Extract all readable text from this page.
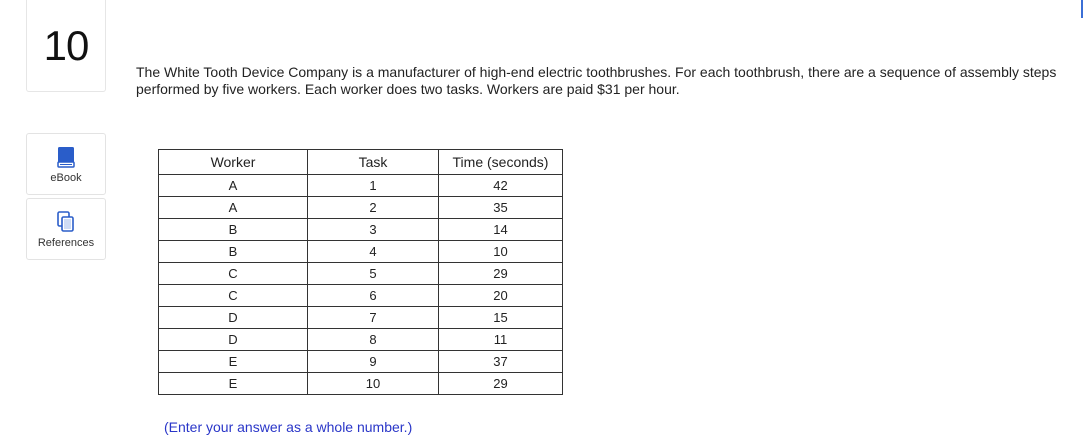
10
eBook
References
The White Tooth Device Company is a manufacturer of high-end electric toothbrushes. For each toothbrush, there are a sequence of assembly steps performed by five workers. Each worker does two tasks. Workers are paid $31 per hour.
Worker	Task	Time (seconds)
A	1	42
A	2	35
B	3	14
B	4	10
C	5	29
C	6	20
D	7	15
D	8	11
E	9	37
E	10	29
(Enter your answer as a whole number.)
